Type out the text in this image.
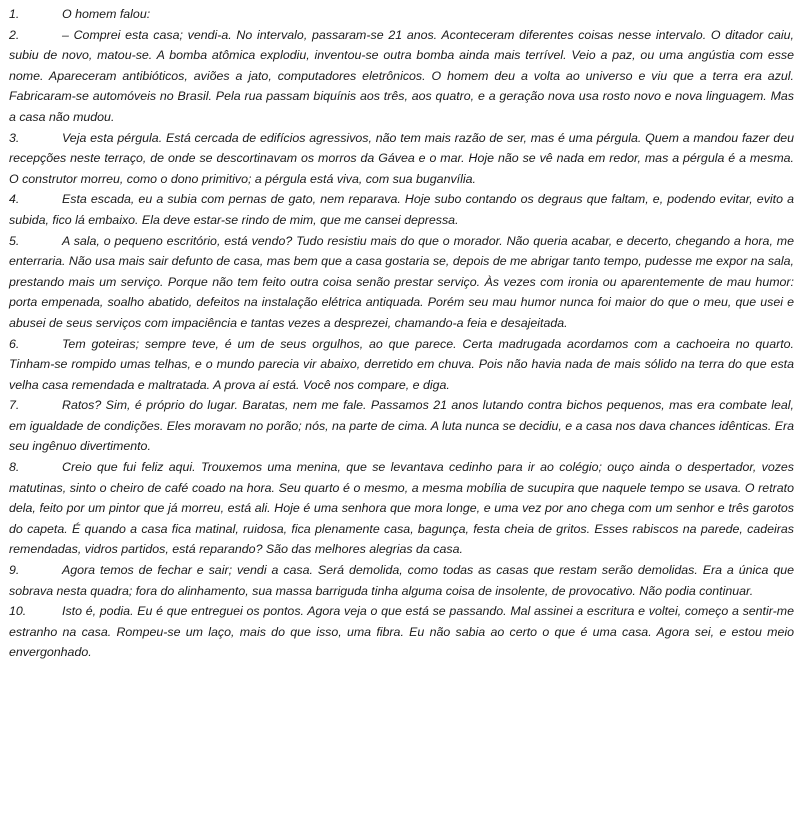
1.	O homem falou:

2.	– Comprei esta casa; vendi-a. No intervalo, passaram-se 21 anos. Aconteceram diferentes coisas nesse intervalo. O ditador caiu, subiu de novo, matou-se. A bomba atômica explodiu, inventou-se outra bomba ainda mais terrível. Veio a paz, ou uma angústia com esse nome. Apareceram antibióticos, aviões a jato, computadores eletrônicos. O homem deu a volta ao universo e viu que a terra era azul. Fabricaram-se automóveis no Brasil. Pela rua passam biquínis aos três, aos quatro, e a geração nova usa rosto novo e nova linguagem. Mas a casa não mudou.

3.	Veja esta pérgula. Está cercada de edifícios agressivos, não tem mais razão de ser, mas é uma pérgula. Quem a mandou fazer deu recepções neste terraço, de onde se descortinavam os morros da Gávea e o mar. Hoje não se vê nada em redor, mas a pérgula é a mesma. O construtor morreu, como o dono primitivo; a pérgula está viva, com sua buganvília.

4.	Esta escada, eu a subia com pernas de gato, nem reparava. Hoje subo contando os degraus que faltam, e, podendo evitar, evito a subida, fico lá embaixo. Ela deve estar-se rindo de mim, que me cansei depressa.

5.	A sala, o pequeno escritório, está vendo? Tudo resistiu mais do que o morador. Não queria acabar, e decerto, chegando a hora, me enterraria. Não usa mais sair defunto de casa, mas bem que a casa gostaria se, depois de me abrigar tanto tempo, pudesse me expor na sala, prestando mais um serviço. Porque não tem feito outra coisa senão prestar serviço. Às vezes com ironia ou aparentemente de mau humor: porta empenada, soalho abatido, defeitos na instalação elétrica antiquada. Porém seu mau humor nunca foi maior do que o meu, que usei e abusei de seus serviços com impaciência e tantas vezes a desprezei, chamando-a feia e desajeitada.

6.	Tem goteiras; sempre teve, é um de seus orgulhos, ao que parece. Certa madrugada acordamos com a cachoeira no quarto. Tinham-se rompido umas telhas, e o mundo parecia vir abaixo, derretido em chuva. Pois não havia nada de mais sólido na terra do que esta velha casa remendada e maltratada. A prova aí está. Você nos compare, e diga.

7.	Ratos? Sim, é próprio do lugar. Baratas, nem me fale. Passamos 21 anos lutando contra bichos pequenos, mas era combate leal, em igualdade de condições. Eles moravam no porão; nós, na parte de cima. A luta nunca se decidiu, e a casa nos dava chances idênticas. Era seu ingênuo divertimento.

8.	Creio que fui feliz aqui. Trouxemos uma menina, que se levantava cedinho para ir ao colégio; ouço ainda o despertador, vozes matutinas, sinto o cheiro de café coado na hora. Seu quarto é o mesmo, a mesma mobília de sucupira que naquele tempo se usava. O retrato dela, feito por um pintor que já morreu, está ali. Hoje é uma senhora que mora longe, e uma vez por ano chega com um senhor e três garotos do capeta. É quando a casa fica matinal, ruidosa, fica plenamente casa, bagunça, festa cheia de gritos. Esses rabiscos na parede, cadeiras remendadas, vidros partidos, está reparando? São das melhores alegrias da casa.

9.	Agora temos de fechar e sair; vendi a casa. Será demolida, como todas as casas que restam serão demolidas. Era a única que sobrava nesta quadra; fora do alinhamento, sua massa barriguda tinha alguma coisa de insolente, de provocativo. Não podia continuar.

10.	Isto é, podia. Eu é que entreguei os pontos. Agora veja o que está se passando. Mal assinei a escritura e voltei, começo a sentir-me estranho na casa. Rompeu-se um laço, mais do que isso, uma fibra. Eu não sabia ao certo o que é uma casa. Agora sei, e estou meio envergonhado.
